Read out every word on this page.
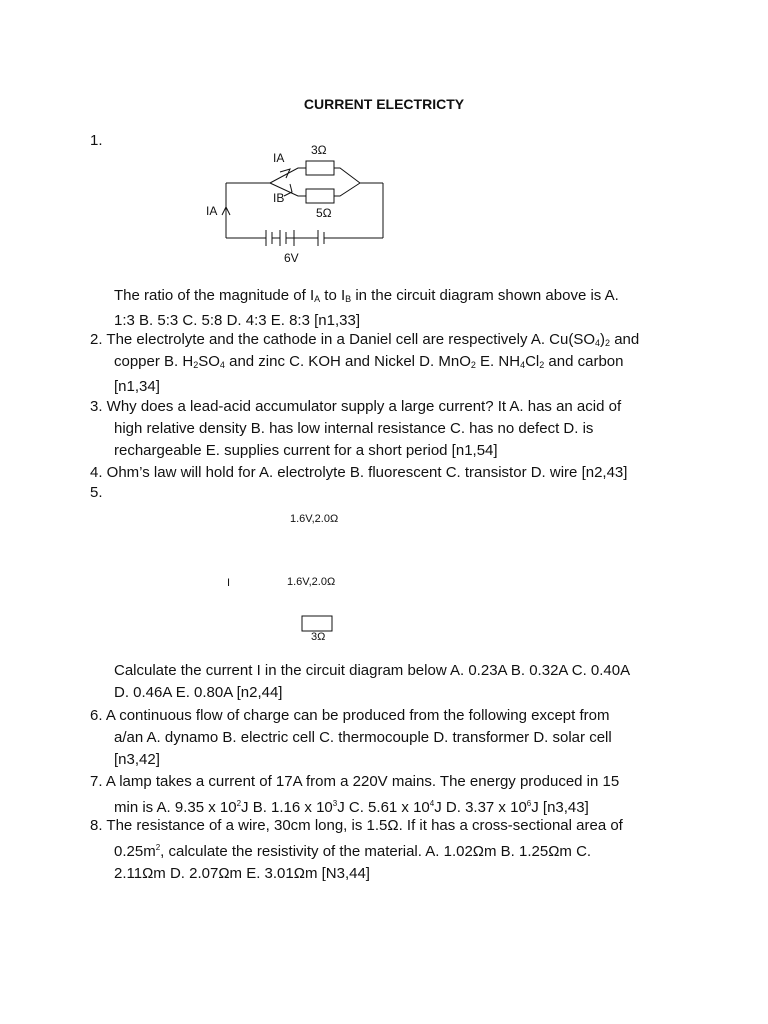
CURRENT ELECTRICTY
1.
IA
IB
IA
3Ω
5Ω
6V

The ratio of the magnitude of $I_A$ to $I_B$ in the circuit diagram shown above is A.
1:3 B. 5:3 C. 5:8 D. 4:3 E. 8:3 [n1,33]

2. The electrolyte and the cathode in a Daniel cell are respectively A. $Cu(SO_4)_2$ and

copper B. $H_2SO_4$ and zinc C. KOH and Nickel D. MnO$_2$ E. $NH_4Cl_2$ and carbon
[n1,34]

3. Why does a lead-acid accumulator supply a large current? It A. has an acid of

high relative density B. has low internal resistance C. has no defect D. is
rechargeable E. supplies current for a short period [n1,54]

4. Ohm’s law will hold for A. electrolyte B. fluorescent C. transistor D. wire [n2,43]

5.
1.6V,2.0Ω
1.6V,2.0Ω
I
3Ω

Calculate the current I in the circuit diagram below A. 0.23A B. 0.32A C. 0.40A
D. 0.46A E. 0.80A [n2,44]

6. A continuous flow of charge can be produced from the following except from

a/an A. dynamo B. electric cell C. thermocouple D. transformer D. solar cell
[n3,42]

7. A lamp takes a current of 17A from a 220V mains. The energy produced in 15

min is A. 9.35 x $10^2J$ B. 1.16 x $10^3J$ C. 5.61 x $10^4J$ D. 3.37 x $10^6J$ [n3,43]

8. The resistance of a wire, 30cm long, is 1.5Ω. If it has a cross-sectional area of

$0.25m^2$, calculate the resistivity of the material. A. 1.02Ωm B. 1.25Ωm C.
2.11Ωm D. 2.07Ωm E. 3.01Ωm [N3,44]
